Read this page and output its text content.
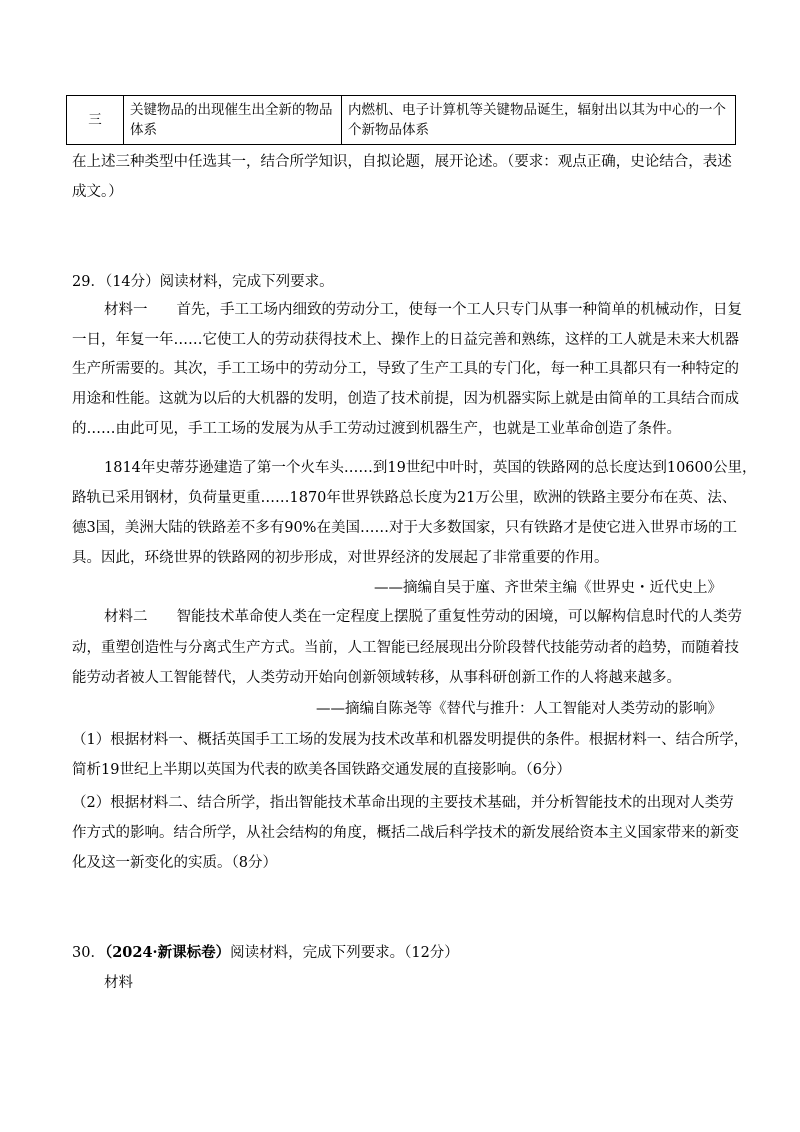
三	关键物品的出现催生出全新的物品体系	内燃机、电子计算机等关键物品诞生，辐射出以其为中心的一个个新物品体系
在上述三种类型中任选其一，结合所学知识，自拟论题，展开论述。（要求：观点正确，史论结合，表述
成文。）
29．（14分）阅读材料，完成下列要求。
材料一　　首先，手工工场内细致的劳动分工，使每一个工人只专门从事一种简单的机械动作，日复
一日，年复一年……它使工人的劳动获得技术上、操作上的日益完善和熟练，这样的工人就是未来大机器
生产所需要的。其次，手工工场中的劳动分工，导致了生产工具的专门化，每一种工具都只有一种特定的
用途和性能。这就为以后的大机器的发明，创造了技术前提，因为机器实际上就是由简单的工具结合而成
的……由此可见，手工工场的发展为从手工劳动过渡到机器生产，也就是工业革命创造了条件。
1814年史蒂芬逊建造了第一个火车头……到19世纪中叶时，英国的铁路网的总长度达到10600公里，
路轨已采用钢材，负荷量更重……1870年世界铁路总长度为21万公里，欧洲的铁路主要分布在英、法、
德3国，美洲大陆的铁路差不多有90%在美国……对于大多数国家，只有铁路才是使它进入世界市场的工
具。因此，环绕世界的铁路网的初步形成，对世界经济的发展起了非常重要的作用。
——摘编自吴于廑、齐世荣主编《世界史・近代史上》
材料二　　智能技术革命使人类在一定程度上摆脱了重复性劳动的困境，可以解构信息时代的人类劳
动，重塑创造性与分离式生产方式。当前，人工智能已经展现出分阶段替代技能劳动者的趋势，而随着技
能劳动者被人工智能替代，人类劳动开始向创新领域转移，从事科研创新工作的人将越来越多。
——摘编自陈尧等《替代与推升：人工智能对人类劳动的影响》
（1）根据材料一、概括英国手工工场的发展为技术改革和机器发明提供的条件。根据材料一、结合所学，
简析19世纪上半期以英国为代表的欧美各国铁路交通发展的直接影响。（6分）
（2）根据材料二、结合所学，指出智能技术革命出现的主要技术基础，并分析智能技术的出现对人类劳
作方式的影响。结合所学，从社会结构的角度，概括二战后科学技术的新发展给资本主义国家带来的新变
化及这一新变化的实质。（8分）
30．（2024·新课标卷）阅读材料，完成下列要求。（12分）
材料
